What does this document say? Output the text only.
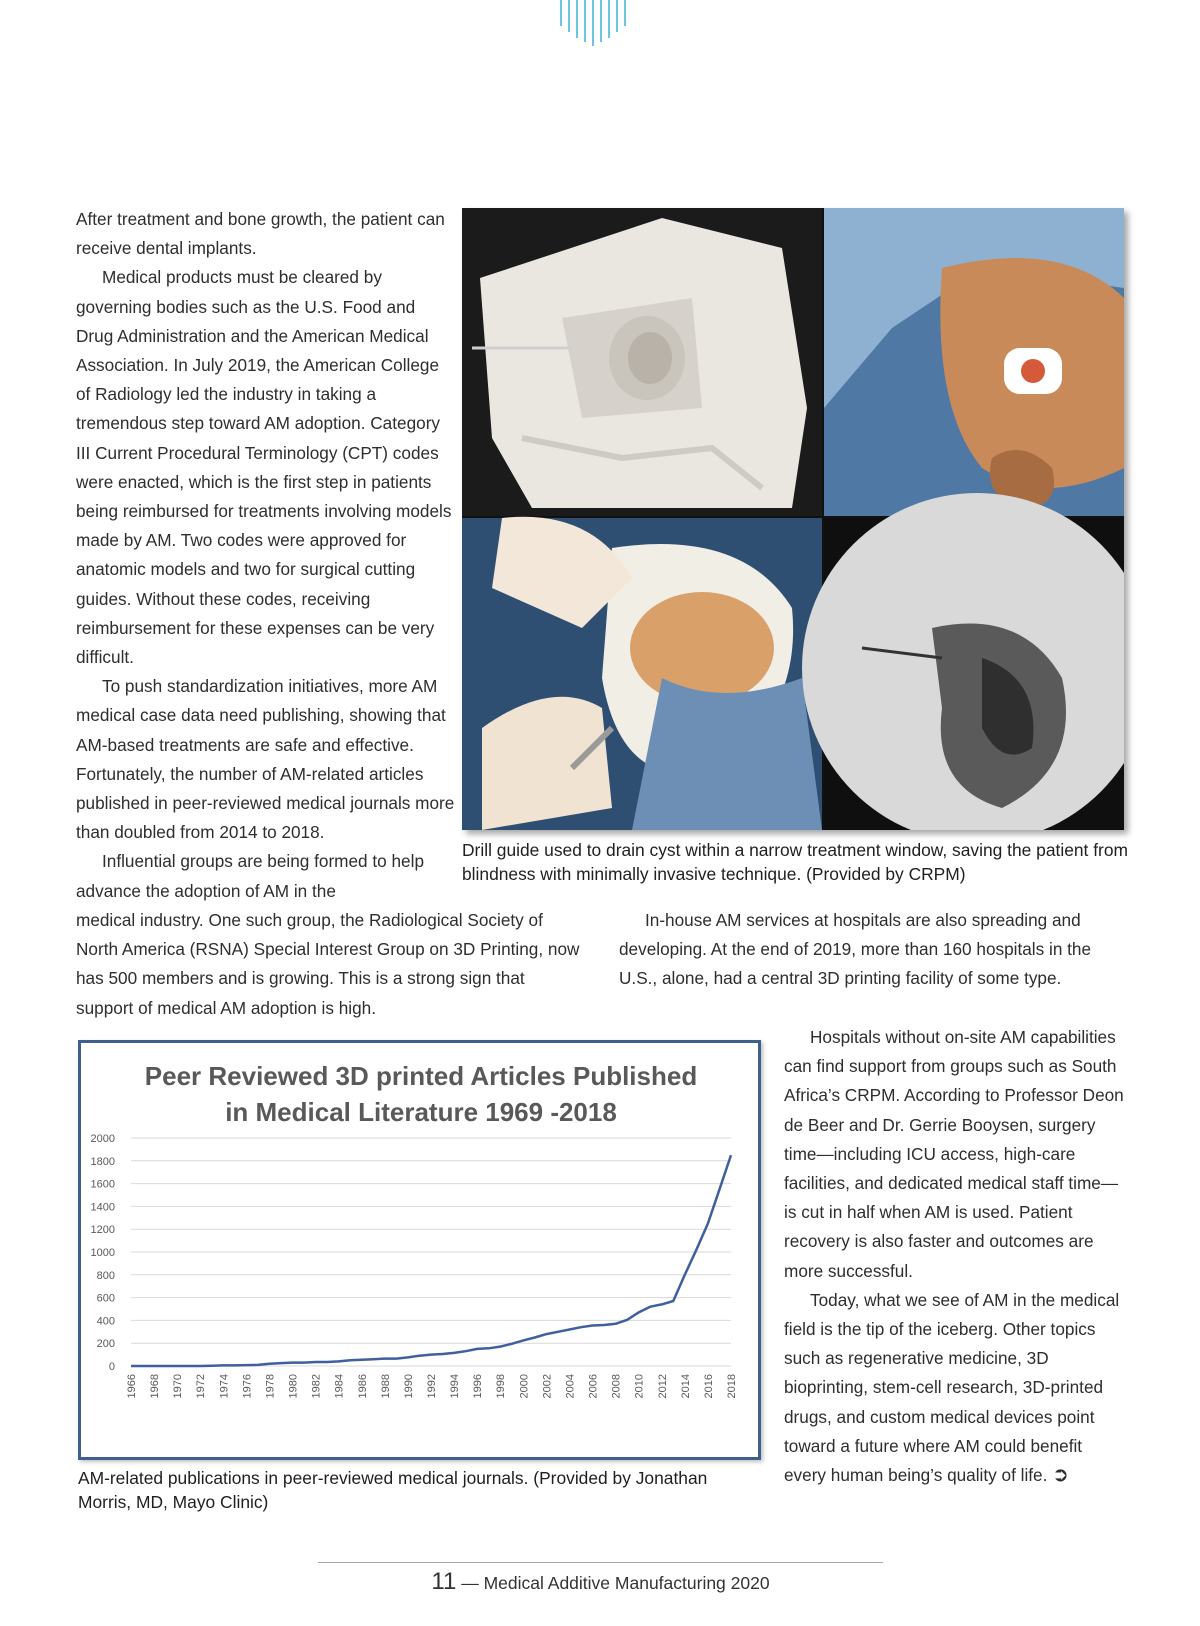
After treatment and bone growth, the patient can receive dental implants.

Medical products must be cleared by governing bodies such as the U.S. Food and Drug Administration and the American Medical Association. In July 2019, the American College of Radiology led the industry in taking a tremendous step toward AM adoption. Category III Current Procedural Terminology (CPT) codes were enacted, which is the first step in patients being reimbursed for treatments involving models made by AM. Two codes were approved for anatomic models and two for surgical cutting guides. Without these codes, receiving reimbursement for these expenses can be very difficult.

To push standardization initiatives, more AM medical case data need publishing, showing that AM-based treatments are safe and effective. Fortunately, the number of AM-related articles published in peer-reviewed medical journals more than doubled from 2014 to 2018.

Influential groups are being formed to help advance the adoption of AM in the

Drill guide used to drain cyst within a narrow treatment window, saving the patient from blindness with minimally invasive technique. (Provided by CRPM)
medical industry. One such group, the Radiological Society of North America (RSNA) Special Interest Group on 3D Printing, now has 500 members and is growing. This is a strong sign that support of medical AM adoption is high.
In-house AM services at hospitals are also spreading and developing. At the end of 2019, more than 160 hospitals in the U.S., alone, had a central 3D printing facility of some type.

Hospitals without on-site AM capabilities can find support from groups such as South Africa’s CRPM. According to Professor Deon de Beer and Dr. Gerrie Booysen, surgery time—including ICU access, high-care facilities, and dedicated medical staff time—is cut in half when AM is used. Patient recovery is also faster and outcomes are more successful.

Today, what we see of AM in the medical field is the tip of the iceberg. Other topics such as regenerative medicine, 3D bioprinting, stem-cell research, 3D-printed drugs, and custom medical devices point toward a future where AM could benefit every human being’s quality of life. ➲

Peer Reviewed 3D printed Articles Published
in Medical Literature 1969 -2018
0
200
400
600
800
1000
1200
1400
1600
1800
2000
1966 1968 1970 1972 1974 1976 1978 1980 1982 1984 1986 1988 1990 1992 1994 1996 1998 2000 2002 2004 2006 2008 2010 2012 2014 2016 2018
AM-related publications in peer-reviewed medical journals. (Provided by Jonathan Morris, MD, Mayo Clinic)
11 — Medical Additive Manufacturing 2020
